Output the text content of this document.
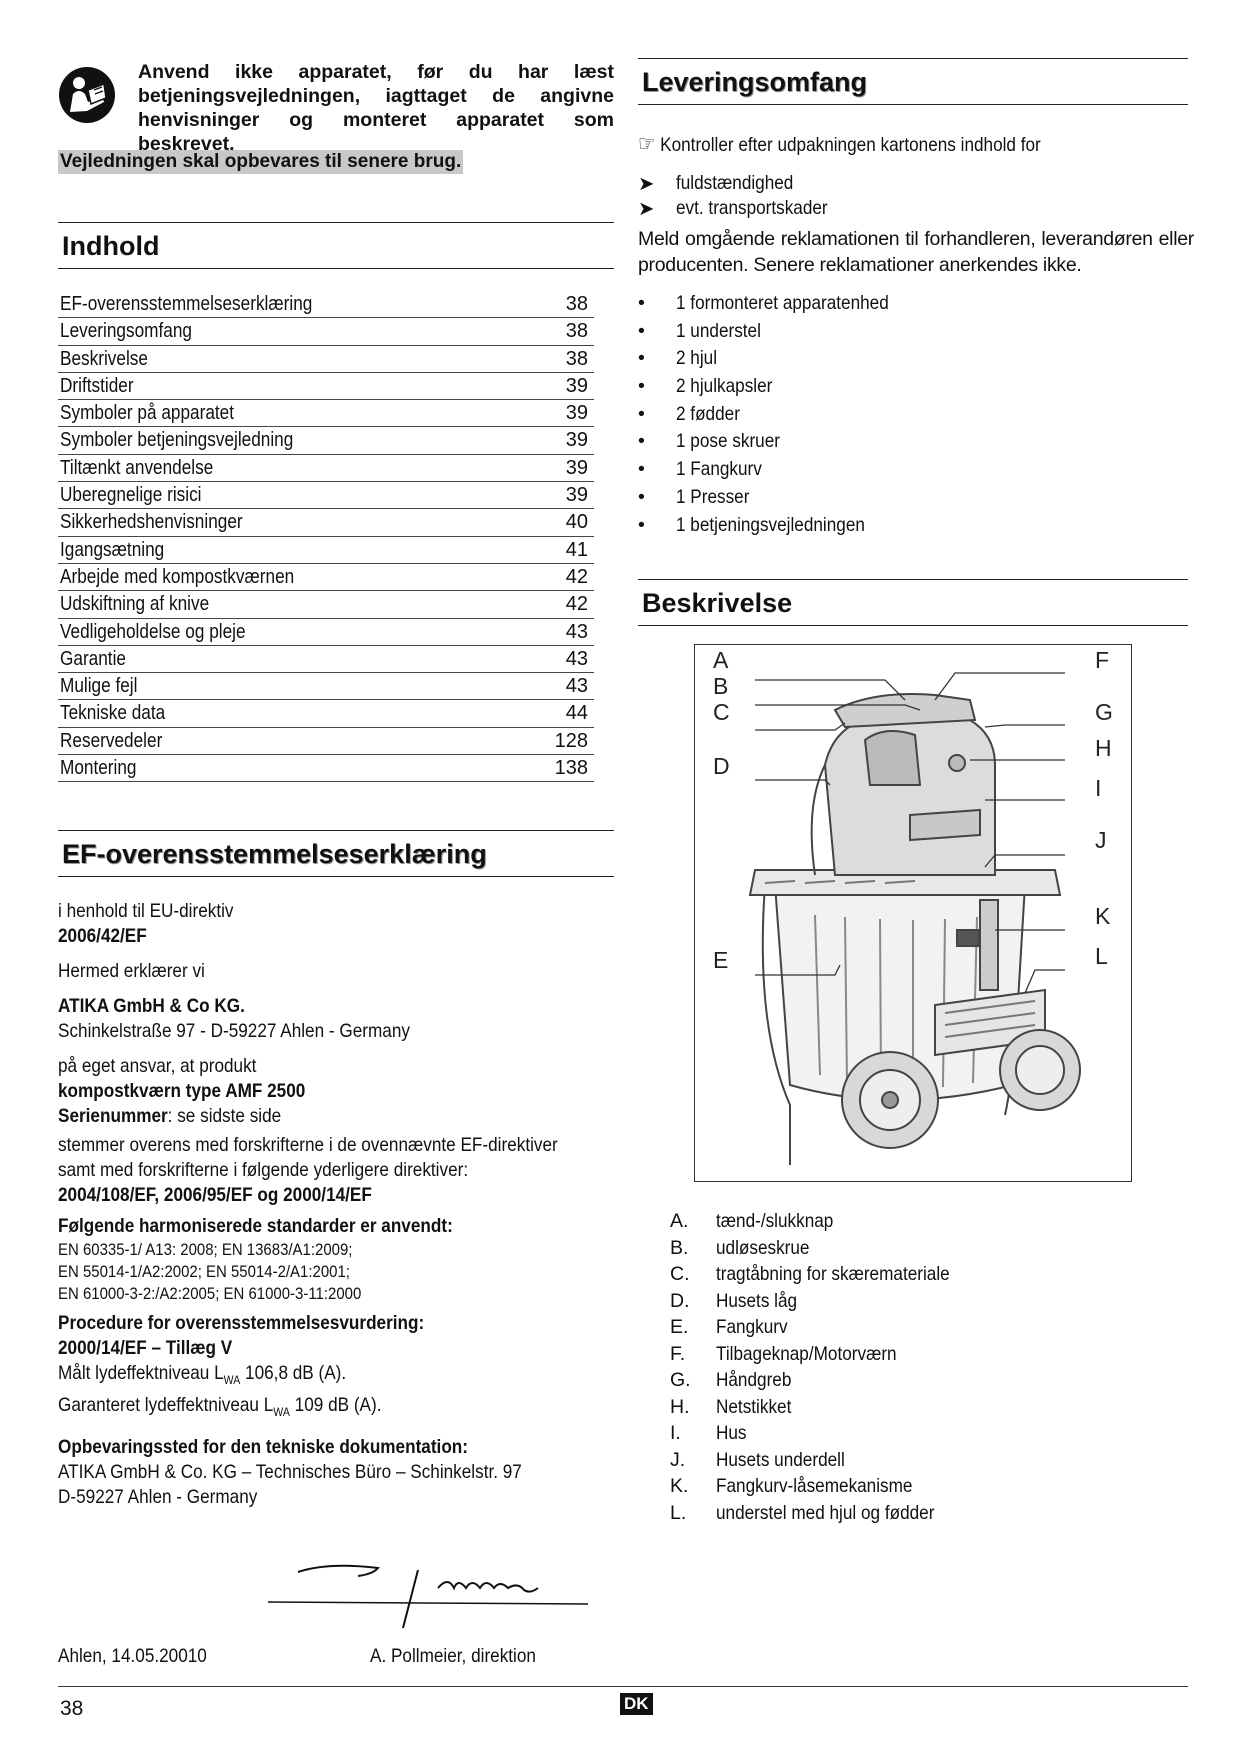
Anvend ikke apparatet, før du har læst
betjeningsvejledningen, iagttaget de angivne
henvisninger og monteret apparatet som beskrevet.
Vejledningen skal opbevares til senere brug.
Indhold
EF-overensstemmelseserklæring	38
Leveringsomfang	38
Beskrivelse	38
Driftstider	39
Symboler på apparatet	39
Symboler betjeningsvejledning	39
Tiltænkt anvendelse	39
Uberegnelige risici	39
Sikkerhedshenvisninger	40
Igangsætning	41
Arbejde med kompostkværnen	42
Udskiftning af knive	42
Vedligeholdelse og pleje	43
Garantie	43
Mulige fejl	43
Tekniske data	44
Reservedeler	128
Montering	138
EF-overensstemmelseserklæring
i henhold til EU-direktiv
2006/42/EF
Hermed erklærer vi
ATIKA GmbH & Co KG.
Schinkelstraße 97 - D-59227 Ahlen - Germany
på eget ansvar, at produkt
kompostkværn type AMF 2500
Serienummer: se sidste side
stemmer overens med forskrifterne i de ovennævnte EF-direktiver
samt med forskrifterne i følgende yderligere direktiver:
2004/108/EF, 2006/95/EF og 2000/14/EF
Følgende harmoniserede standarder er anvendt:
EN 60335-1/ A13: 2008; EN 13683/A1:2009;
EN 55014-1/A2:2002; EN 55014-2/A1:2001;
EN 61000-3-2:/A2:2005; EN 61000-3-11:2000
Procedure for overensstemmelsesvurdering:
2000/14/EF – Tillæg V
Målt lydeffektniveau $L_{WA}$ 106,8 dB (A).
Garanteret lydeffektniveau $L_{WA}$ 109 dB (A).
Opbevaringssted for den tekniske dokumentation:
ATIKA GmbH & Co. KG – Technisches Büro – Schinkelstr. 97
D-59227 Ahlen - Germany
Ahlen, 14.05.20010	A. Pollmeier, direktion
Leveringsomfang
☞ Kontroller efter udpakningen kartonens indhold for
➤ fuldstændighed
➤ evt. transportskader
Meld omgående reklamationen til forhandleren, leverandøren eller producenten. Senere reklamationer anerkendes ikke.
• 1 formonteret apparatenhed
• 1 understel
• 2 hjul
• 2 hjulkapsler
• 2 fødder
• 1 pose skruer
• 1 Fangkurv
• 1 Presser
• 1 betjeningsvejledningen
Beskrivelse
A
B
C
D
E
F
G
H
I
J
K
L
A. tænd-/slukknap
B. udløseskrue
C. tragtåbning for skæremateriale
D. Husets låg
E. Fangkurv
F. Tilbageknap/Motorværn
G. Håndgreb
H. Netstikket
I. Hus
J. Husets underdell
K. Fangkurv-låsemekanisme
L. understel med hjul og fødder
38	DK
